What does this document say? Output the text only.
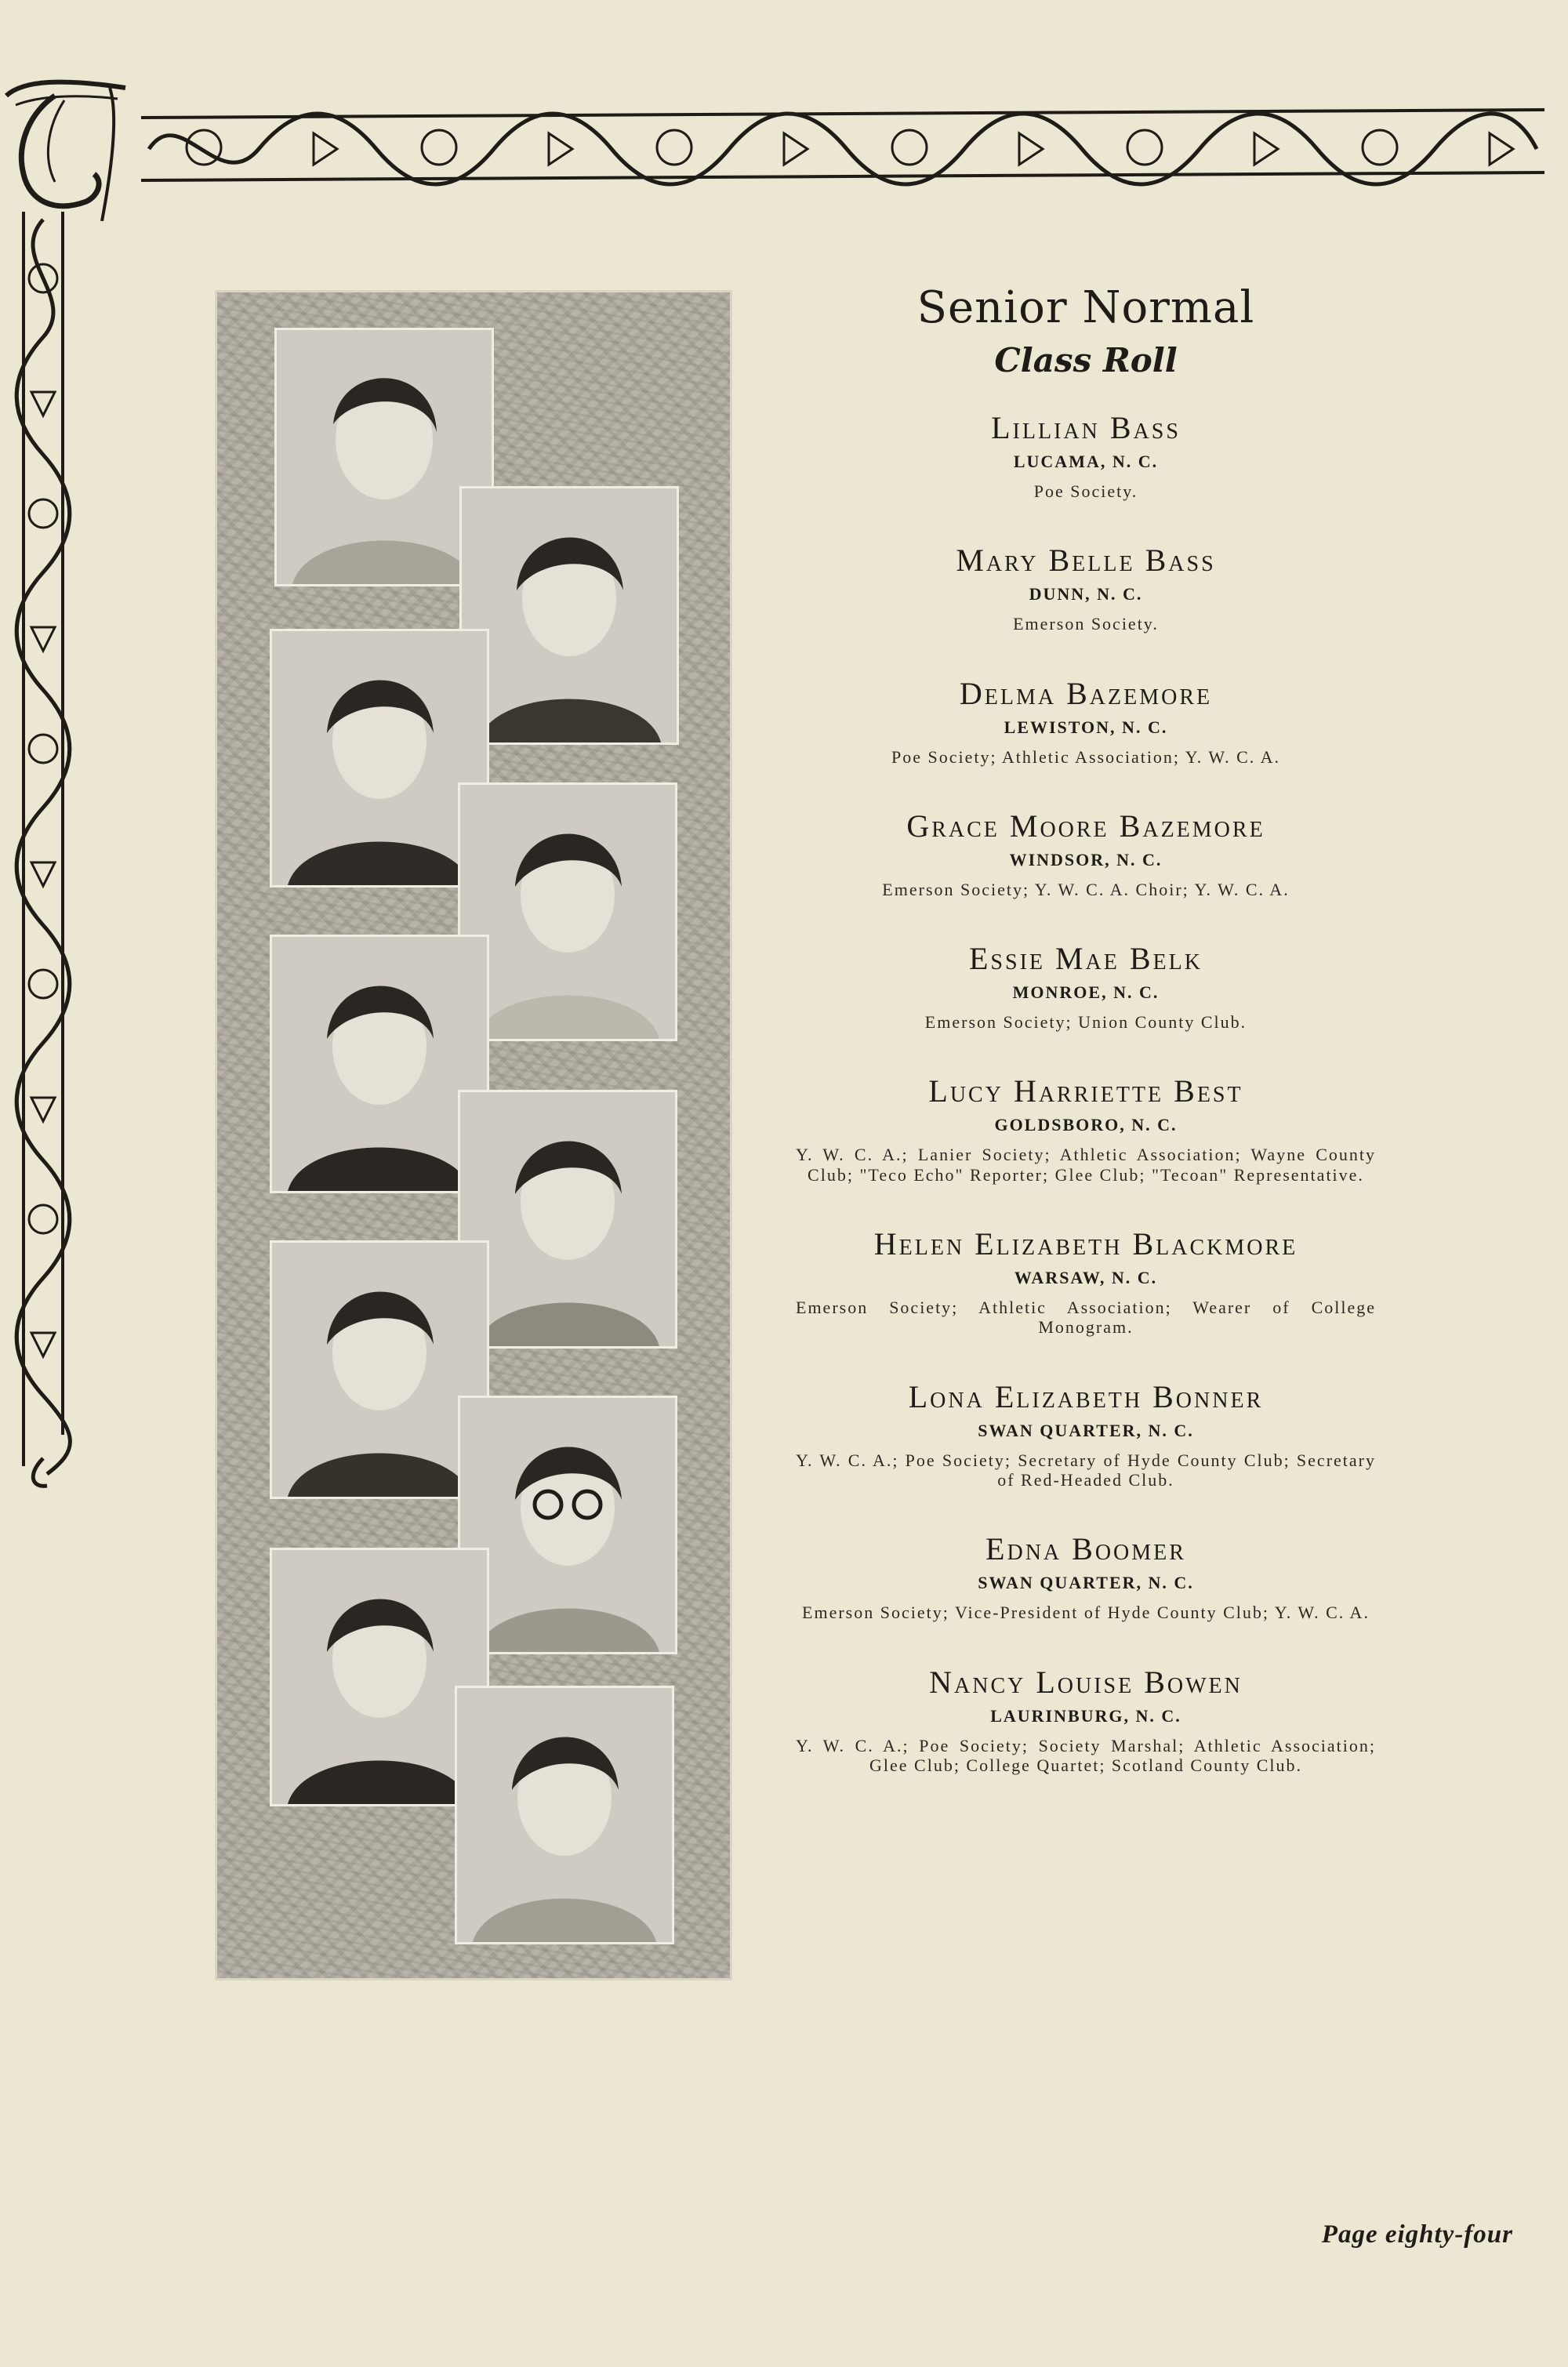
Senior Normal
Class Roll
Lillian Bass
LUCAMA, N. C.
Poe Society.
Mary Belle Bass
DUNN, N. C.
Emerson Society.
Delma Bazemore
LEWISTON, N. C.
Poe Society; Athletic Association; Y. W. C. A.
Grace Moore Bazemore
WINDSOR, N. C.
Emerson Society; Y. W. C. A. Choir; Y. W. C. A.
Essie Mae Belk
MONROE, N. C.
Emerson Society; Union County Club.
Lucy Harriette Best
GOLDSBORO, N. C.
Y. W. C. A.; Lanier Society; Athletic Association; Wayne County Club; "Teco Echo" Reporter; Glee Club; "Tecoan" Representative.
Helen Elizabeth Blackmore
WARSAW, N. C.
Emerson Society; Athletic Association; Wearer of College Monogram.
Lona Elizabeth Bonner
SWAN QUARTER, N. C.
Y. W. C. A.; Poe Society; Secretary of Hyde County Club; Secretary of Red-Headed Club.
Edna Boomer
SWAN QUARTER, N. C.
Emerson Society; Vice-President of Hyde County Club; Y. W. C. A.
Nancy Louise Bowen
LAURINBURG, N. C.
Y. W. C. A.; Poe Society; Society Marshal; Athletic Association; Glee Club; College Quartet; Scotland County Club.
Page eighty-four
